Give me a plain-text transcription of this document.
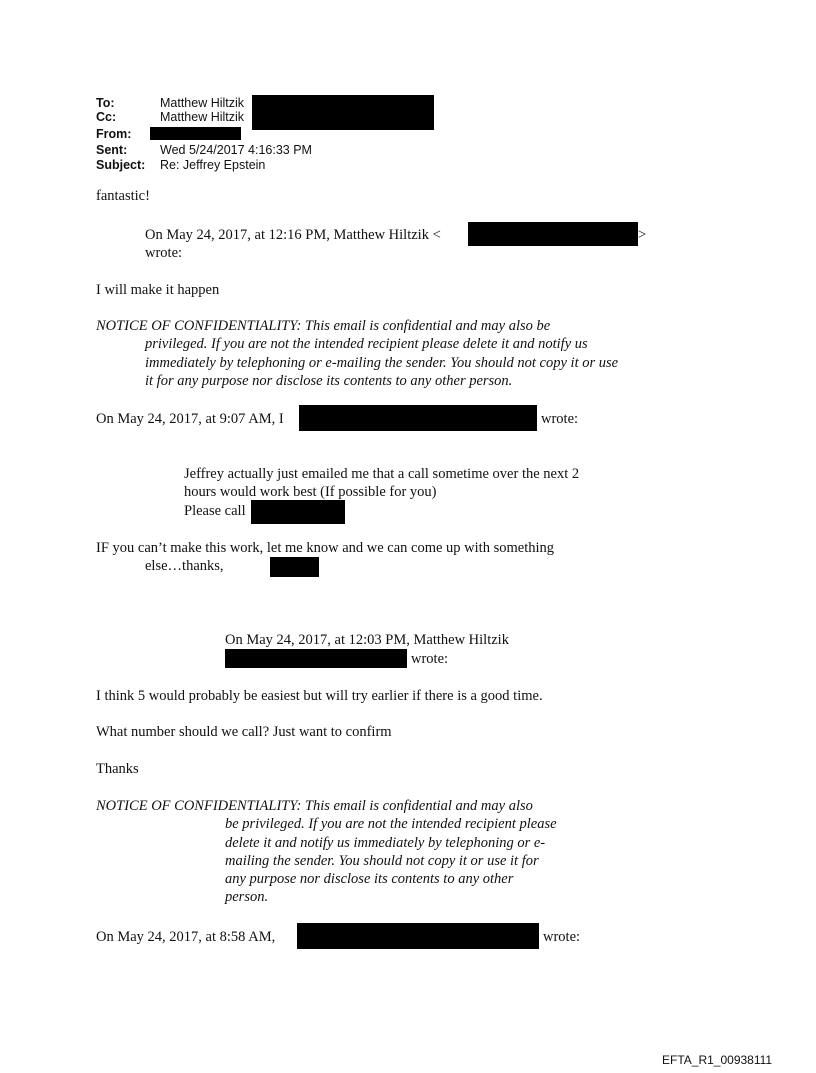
To:	Matthew Hiltzik
Cc:	Matthew Hiltzik
From:
Sent:	Wed 5/24/2017 4:16:33 PM
Subject: Re: Jeffrey Epstein
fantastic!
On May 24, 2017, at 12:16 PM, Matthew Hiltzik <	>
wrote:
I will make it happen
NOTICE OF CONFIDENTIALITY: This email is confidential and may also be
privileged. If you are not the intended recipient please delete it and notify us
immediately by telephoning or e-mailing the sender. You should not copy it or use
it for any purpose nor disclose its contents to any other person.
On May 24, 2017, at 9:07 AM, I	wrote:
Jeffrey actually just emailed me that a call sometime over the next 2
hours would work best (If possible for you)
Please call
IF you can’t make this work, let me know and we can come up with something
else…thanks,
On May 24, 2017, at 12:03 PM, Matthew Hiltzik
wrote:
I think 5 would probably be easiest but will try earlier if there is a good time.
What number should we call? Just want to confirm
Thanks
NOTICE OF CONFIDENTIALITY: This email is confidential and may also
be privileged. If you are not the intended recipient please
delete it and notify us immediately by telephoning or e-
mailing the sender. You should not copy it or use it for
any purpose nor disclose its contents to any other
person.
On May 24, 2017, at 8:58 AM,	wrote:
EFTA_R1_00938111
